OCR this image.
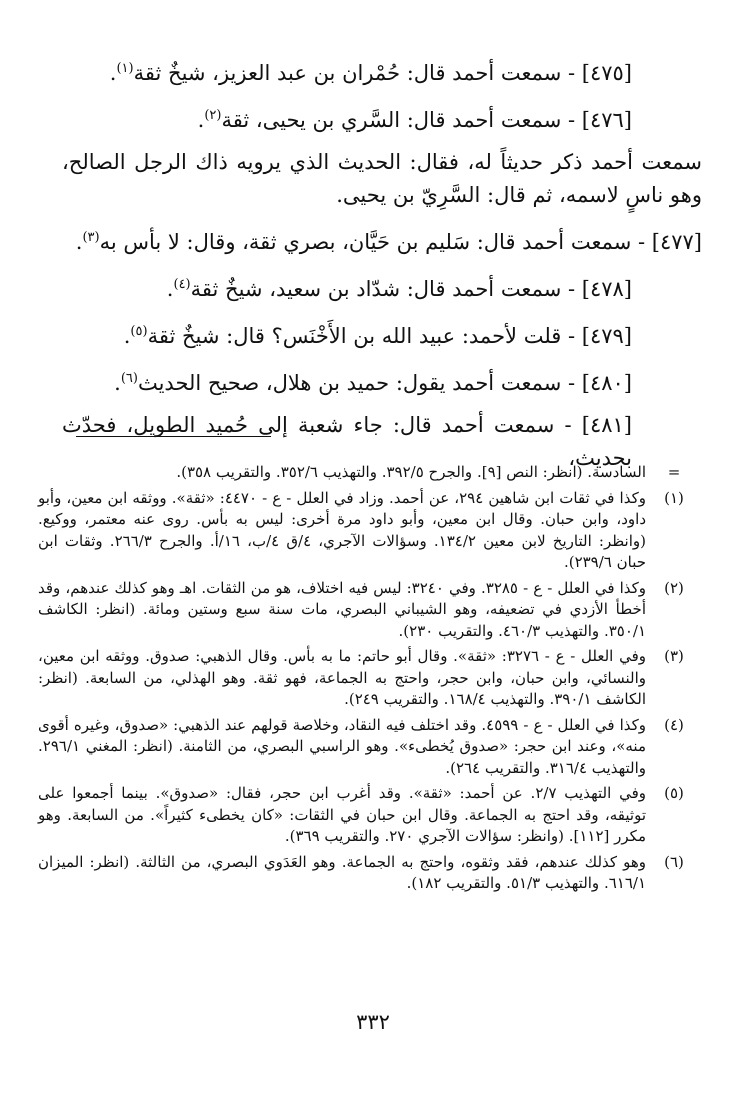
[٤٧٥] - سمعت أحمد قال: حُمْران بن عبد العزيز، شيخٌ ثقة$^{(١)}$.

[٤٧٦] - سمعت أحمد قال: السَّري بن يحيى، ثقة$^{(٢)}$.

سمعت أحمد ذكر حديثاً له، فقال: الحديث الذي يرويه ذاك الرجل الصالح، وهو ناسٍ لاسمه، ثم قال: السَّرِيّ بن يحيى.

[٤٧٧] - سمعت أحمد قال: سَليم بن حَيَّان، بصري ثقة، وقال: لا بأس به$^{(٣)}$.

[٤٧٨] - سمعت أحمد قال: شدّاد بن سعيد، شيخٌ ثقة$^{(٤)}$.

[٤٧٩] - قلت لأحمد: عبيد الله بن الأَخْنَس؟ قال: شيخٌ ثقة$^{(٥)}$.

[٤٨٠] - سمعت أحمد يقول: حميد بن هلال، صحيح الحديث$^{(٦)}$.

[٤٨١] - سمعت أحمد قال: جاء شعبة إلى حُميد الطويل، فحدّث بحديث،

=
السادسة. (انظر: النص [٩]. والجرح ٣٩٢/٥. والتهذيب ٣٥٢/٦. والتقريب ٣٥٨).
(١)
وكذا في ثقات ابن شاهين ٢٩٤، عن أحمد. وزاد في العلل - ع - ٤٤٧٠: «ثقة». ووثقه ابن معين، وأبو داود، وابن حبان. وقال ابن معين، وأبو داود مرة أخرى: ليس به بأس. روى عنه معتمر، ووكيع. (وانظر: التاريخ لابن معين ١٣٤/٢. وسؤالات الآجري، ٤/ق ٤/ب، ١٦/أ. والجرح ٢٦٦/٣. وثقات ابن حبان ٢٣٩/٦).
(٢)
وكذا في العلل - ع - ٣٢٨٥. وفي ٣٢٤٠: ليس فيه اختلاف، هو من الثقات. اهـ وهو كذلك عندهم، وقد أخطأ الأزدي في تضعيفه، وهو الشيباني البصري، مات سنة سبع وستين ومائة. (انظر: الكاشف ٣٥٠/١. والتهذيب ٤٦٠/٣. والتقريب ٢٣٠).
(٣)
وفي العلل - ع - ٣٢٧٦: «ثقة». وقال أبو حاتم: ما به بأس. وقال الذهبي: صدوق. ووثقه ابن معين، والنسائي، وابن حبان، وابن حجر، واحتج به الجماعة، فهو ثقة. وهو الهذلي، من السابعة. (انظر: الكاشف ٣٩٠/١. والتهذيب ١٦٨/٤. والتقريب ٢٤٩).
(٤)
وكذا في العلل - ع - ٤٥٩٩. وقد اختلف فيه النقاد، وخلاصة قولهم عند الذهبي: «صدوق، وغيره أقوى منه»، وعند ابن حجر: «صدوق يُخطىء». وهو الراسبي البصري، من الثامنة. (انظر: المغني ٢٩٦/١. والتهذيب ٣١٦/٤. والتقريب ٢٦٤).
(٥)
وفي التهذيب ٢/٧. عن أحمد: «ثقة». وقد أغرب ابن حجر، فقال: «صدوق». بينما أجمعوا على توثيقه، وقد احتج به الجماعة. وقال ابن حبان في الثقات: «كان يخطىء كثيراً». من السابعة. وهو مكرر [١١٢]. (وانظر: سؤالات الآجري ٢٧٠. والتقريب ٣٦٩).
(٦)
وهو كذلك عندهم، فقد وثقوه، واحتج به الجماعة. وهو العَدَوي البصري، من الثالثة. (انظر: الميزان ٦١٦/١. والتهذيب ٥١/٣. والتقريب ١٨٢).
٣٣٢
